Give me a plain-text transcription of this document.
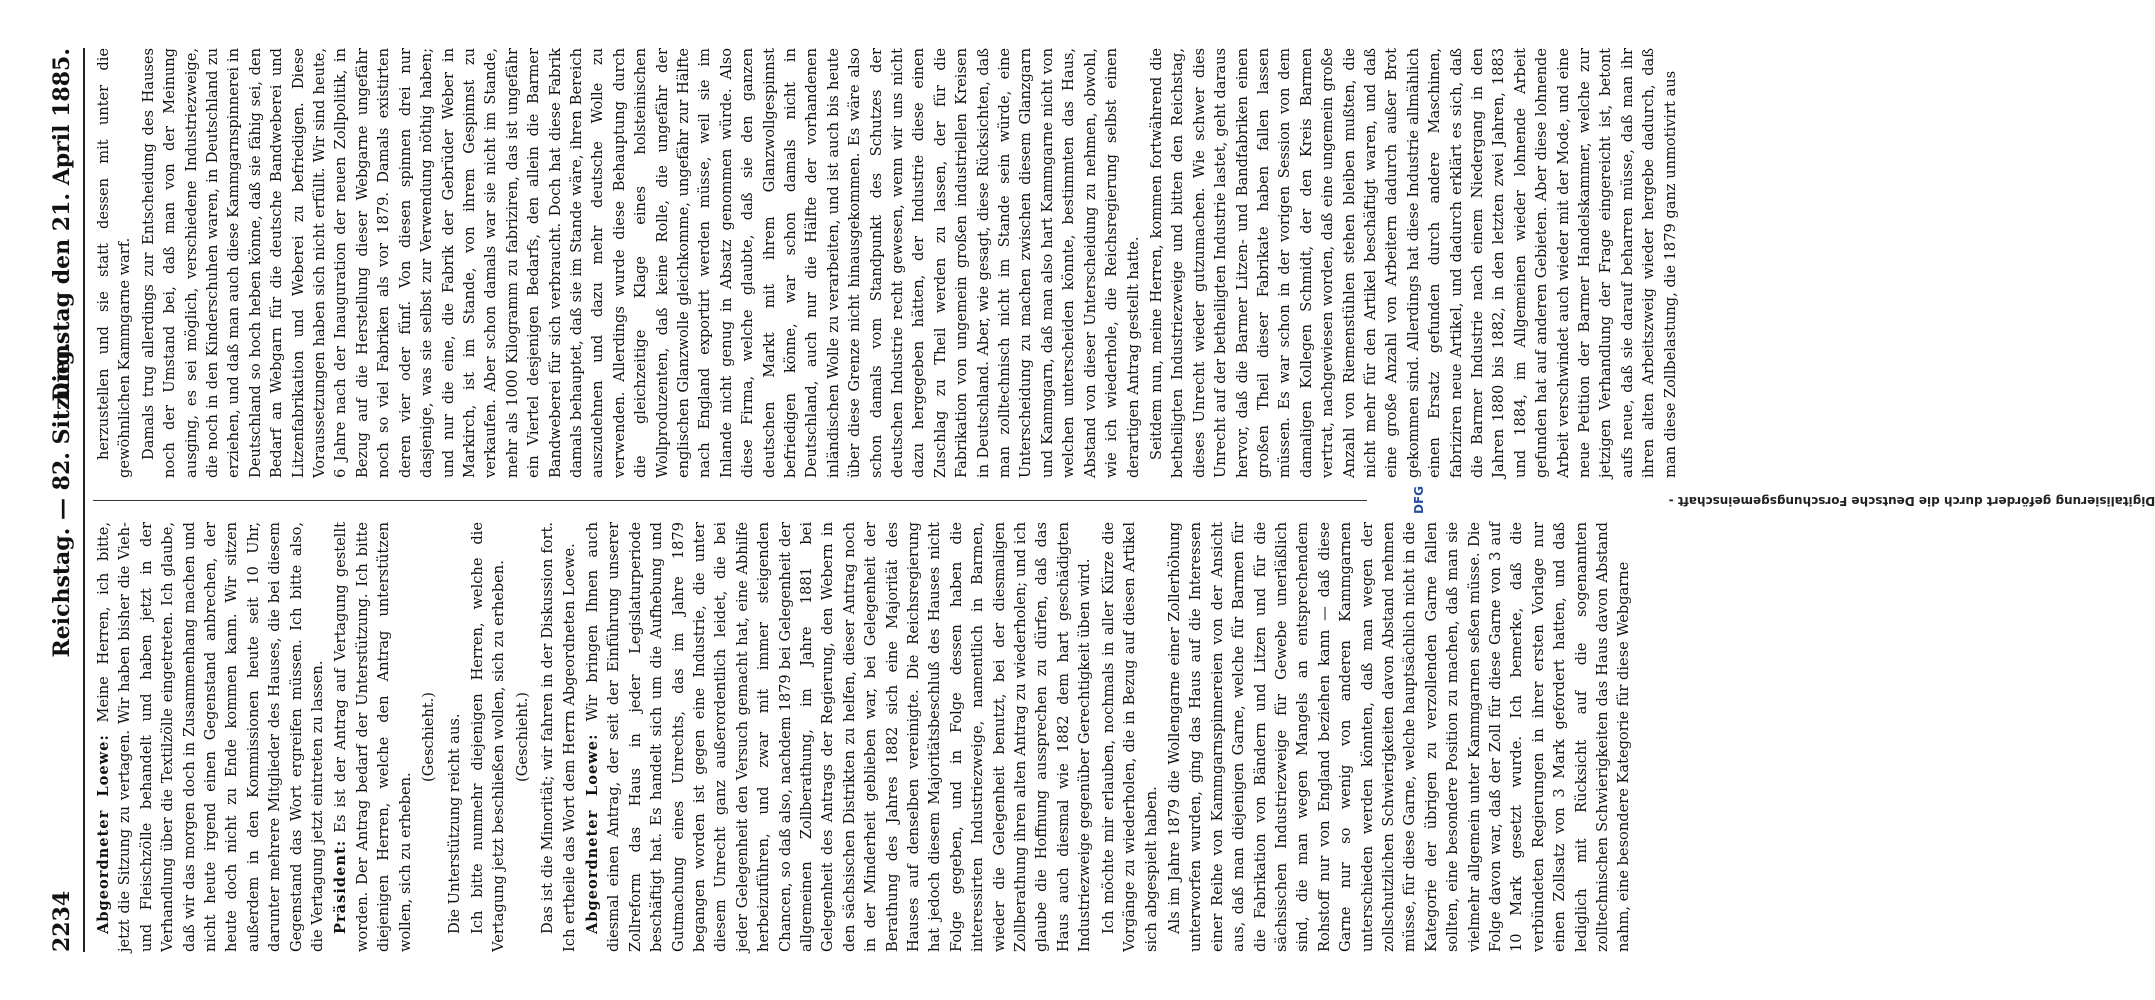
2234
Reichstag. — 82. Sitzung.
Dienstag den 21. April 1885.

Abgeordneter Loewe: Meine Herren, ich bitte, jetzt die Sitzung zu vertagen. Wir haben bisher die Vieh- und Fleischzölle behandelt und haben jetzt in der Verhandlung über die Textilzölle eingetreten. Ich glaube, daß wir das morgen doch in Zusammenhang machen und nicht heute irgend einen Gegenstand anbrechen, der heute doch nicht zu Ende kommen kann. Wir sitzen außerdem in den Kommissionen heute seit 10 Uhr, darunter mehrere Mitglieder des Hauses, die bei diesem Gegenstand das Wort ergreifen müssen. Ich bitte also, die Vertagung jetzt eintreten zu lassen. Präsident: Es ist der Antrag auf Vertagung gestellt worden. Der Antrag bedarf der Unterstützung. Ich bitte diejenigen Herren, welche den Antrag unterstützen wollen, sich zu erheben.

(Geschieht.) Die Unterstützung reicht aus. Ich bitte nunmehr diejenigen Herren, welche die Vertagung jetzt beschließen wollen, sich zu erheben. (Geschieht.) Das ist die Minorität; wir fahren in der Diskussion fort. Ich ertheile das Wort dem Herrn Abgeordneten Loewe. Abgeordneter Loewe: Wir bringen Ihnen auch diesmal einen Antrag, der seit der Einführung unserer Zollreform das Haus in jeder Legislaturperiode beschäftigt hat. Es handelt sich um die Aufhebung und Gutmachung eines Unrechts, das im Jahre 1879 begangen worden ist gegen eine Industrie, die unter diesem Unrecht ganz außerordentlich leidet, die bei jeder Gelegenheit den Versuch gemacht hat, eine Abhilfe herbeizuführen, und zwar mit immer steigenden Chancen, so daß also, nachdem 1879 bei Gelegenheit der allgemeinen Zollberathung, im Jahre 1881 bei Gelegenheit des Antrags der Regierung, den Webern in den sächsischen Distrikten zu helfen, dieser Antrag noch in der Minderheit geblieben war, bei Gelegenheit der Berathung des Jahres 1882 sich eine Majorität des Hauses auf denselben vereinigte. Die Reichsregierung hat jedoch diesem Majoritätsbeschluß des Hauses nicht Folge gegeben, und in Folge dessen haben die interessirten Industriezweige, namentlich in Barmen, wieder die Gelegenheit benutzt, bei der diesmaligen Zollberathung ihren alten Antrag zu wiederholen; und ich glaube die Hoffnung aussprechen zu dürfen, daß das Haus auch diesmal wie 1882 dem hart geschädigten Industriezweige gegenüber Gerechtigkeit üben wird. Ich möchte mir erlauben, nochmals in aller Kürze die Vorgänge zu wiederholen, die in Bezug auf diesen Artikel sich abgespielt haben. Als im Jahre 1879 die Wollengarne einer Zollerhöhung unterworfen wurden, ging das Haus auf die Interessen einer Reihe von Kammgarnspinnereien von der Ansicht aus, daß man diejenigen Garne, welche für Barmen für die Fabrikation von Bändern und Litzen und für die sächsischen Industriezweige für Gewebe unerläßlich sind, die man wegen Mangels an entsprechendem Rohstoff nur von England beziehen kann — daß diese Garne nur so wenig von anderen Kammgarnen unterschieden werden könnten, daß man wegen der zollschutzlichen Schwierigkeiten davon Abstand nehmen müsse, für diese Garne, welche hauptsächlich nicht in die Kategorie der übrigen zu verzollenden Garne fallen sollten, eine besondere Position zu machen, daß man sie vielmehr allgemein unter Kammgarnen seßen müsse. Die Folge davon war, daß der Zoll für diese Garne von 3 auf 10 Mark gesetzt wurde. Ich bemerke, daß die verbündeten Regierungen in ihrer ersten Vorlage nur einen Zollsatz von 3 Mark gefordert hatten, und daß lediglich mit Rücksicht auf die sogenannten zolltechnischen Schwierigkeiten das Haus davon Abstand nahm, eine besondere Kategorie für diese Webgarne

herzustellen und sie statt dessen mit unter die gewöhnlichen Kammgarne warf. Damals trug allerdings zur Entscheidung des Hauses noch der Umstand bei, daß man von der Meinung ausging, es sei möglich, verschiedene Industriezweige, die noch in den Kinderschuhen waren, in Deutschland zu erziehen, und daß man auch diese Kammgarnspinnerei in Deutschland so hoch heben könne, daß sie fähig sei, den Bedarf an Webgarn für die deutsche Bandweberei und Litzenfabrikation und Weberei zu befriedigen. Diese Voraussetzungen haben sich nicht erfüllt. Wir sind heute, 6 Jahre nach der Inauguration der neuen Zollpolitik, in Bezug auf die Herstellung dieser Webgarne ungefähr noch so viel Fabriken als vor 1879. Damals existirten deren vier oder fünf. Von diesen spinnen drei nur dasjenige, was sie selbst zur Verwendung nöthig haben; und nur die eine, die Fabrik der Gebrüder Weber in Markirch, ist im Stande, von ihrem Gespinnst zu verkaufen. Aber schon damals war sie nicht im Stande, mehr als 1000 Kilogramm zu fabriziren, das ist ungefähr ein Viertel desjenigen Bedarfs, den allein die Barmer Bandweberei für sich verbraucht. Doch hat diese Fabrik damals behauptet, daß sie im Stande wäre, ihren Bereich auszudehnen und dazu mehr deutsche Wolle zu verwenden. Allerdings wurde diese Behauptung durch die gleichzeitige Klage eines holsteinischen Wollproduzenten, daß keine Rolle, die ungefähr der englischen Glanzwolle gleichkomme, ungefähr zur Hälfte nach England exportirt werden müsse, weil sie im Inlande nicht genug in Absatz genommen würde. Also diese Firma, welche glaubte, daß sie den ganzen deutschen Markt mit ihrem Glanzwollgespinnst befriedigen könne, war schon damals nicht in Deutschland, auch nur die Hälfte der vorhandenen inländischen Wolle zu verarbeiten, und ist auch bis heute über diese Grenze nicht hinausgekommen. Es wäre also schon damals vom Standpunkt des Schutzes der deutschen Industrie recht gewesen, wenn wir uns nicht dazu hergegeben hätten, der Industrie diese einen Zuschlag zu Theil werden zu lassen, der für die Fabrikation von ungemein großen industriellen Kreisen in Deutschland. Aber, wie gesagt, diese Rücksichten, daß man zolltechnisch nicht im Stande sein würde, eine Unterscheidung zu machen zwischen diesem Glanzgarn und Kammgarn, daß man also hart Kammgarne nicht von welchen unterscheiden könnte, bestimmten das Haus, Abstand von dieser Unterscheidung zu nehmen, obwohl, wie ich wiederhole, die Reichsregierung selbst einen derartigen Antrag gestellt hatte. Seitdem nun, meine Herren, kommen fortwährend die betheiligten Industriezweige und bitten den Reichstag, dieses Unrecht wieder gutzumachen. Wie schwer dies Unrecht auf der betheiligten Industrie lastet, geht daraus hervor, daß die Barmer Litzen- und Bandfabriken einen großen Theil dieser Fabrikate haben fallen lassen müssen. Es war schon in der vorigen Session von dem damaligen Kollegen Schmidt, der den Kreis Barmen vertrat, nachgewiesen worden, daß eine ungemein große Anzahl von Riemenstühlen stehen bleiben mußten, die nicht mehr für den Artikel beschäftigt waren, und daß eine große Anzahl von Arbeitern dadurch außer Brot gekommen sind. Allerdings hat diese Industrie allmählich einen Ersatz gefunden durch andere Maschinen, fabriziren neue Artikel, und dadurch erklärt es sich, daß die Barmer Industrie nach einem Niedergang in den Jahren 1880 bis 1882, in den letzten zwei Jahren, 1883 und 1884, im Allgemeinen wieder lohnende Arbeit gefunden hat auf anderen Gebieten. Aber diese lohnende Arbeit verschwindet auch wieder mit der Mode, und eine neue Petition der Barmer Handelskammer, welche zur jetzigen Verhandlung der Frage eingereicht ist, betont aufs neue, daß sie darauf beharren müsse, daß man ihr ihren alten Arbeitszweig wieder hergebe dadurch, daß man diese Zollbelastung, die 1879 ganz unmotivirt aus

Digitalisierung gefördert durch die Deutsche Forschungsgemeinschaft -
DFG
